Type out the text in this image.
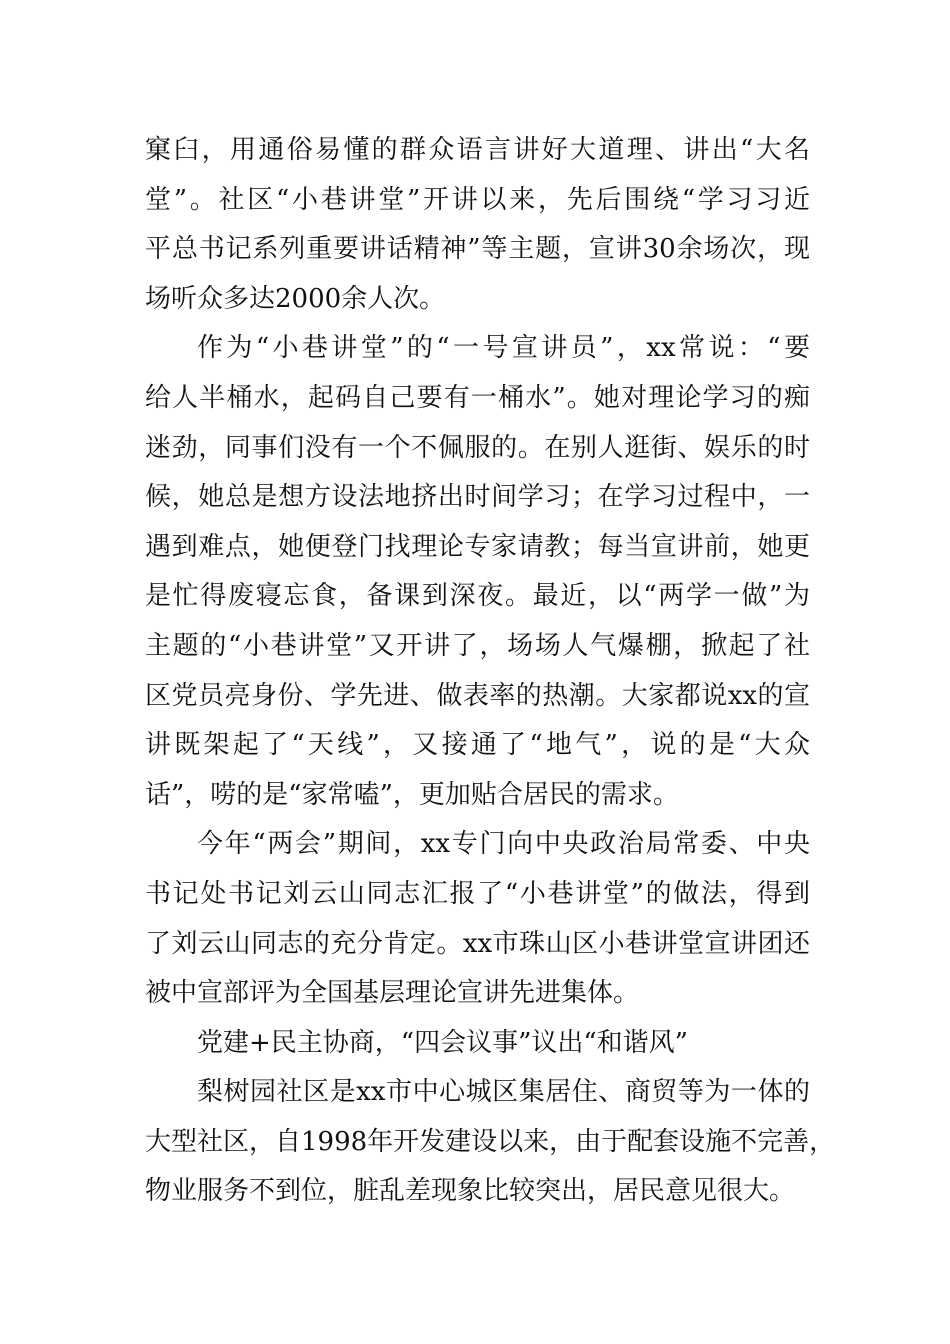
窠臼，用通俗易懂的群众语言讲好大道理、讲出“大名
堂”。社区“小巷讲堂”开讲以来，先后围绕“学习习近
平总书记系列重要讲话精神”等主题，宣讲30余场次，现
场听众多达2000余人次。
作为“小巷讲堂”的“一号宣讲员”，xx常说：“要
给人半桶水，起码自己要有一桶水”。她对理论学习的痴
迷劲，同事们没有一个不佩服的。在别人逛街、娱乐的时
候，她总是想方设法地挤出时间学习；在学习过程中，一
遇到难点，她便登门找理论专家请教；每当宣讲前，她更
是忙得废寝忘食，备课到深夜。最近，以“两学一做”为
主题的“小巷讲堂”又开讲了，场场人气爆棚，掀起了社
区党员亮身份、学先进、做表率的热潮。大家都说xx的宣
讲既架起了“天线”，又接通了“地气”，说的是“大众
话”，唠的是“家常嗑”，更加贴合居民的需求。
今年“两会”期间，xx专门向中央政治局常委、中央
书记处书记刘云山同志汇报了“小巷讲堂”的做法，得到
了刘云山同志的充分肯定。xx市珠山区小巷讲堂宣讲团还
被中宣部评为全国基层理论宣讲先进集体。
党建+民主协商，“四会议事”议出“和谐风”
梨树园社区是xx市中心城区集居住、商贸等为一体的
大型社区，自1998年开发建设以来，由于配套设施不完善，
物业服务不到位，脏乱差现象比较突出，居民意见很大。
